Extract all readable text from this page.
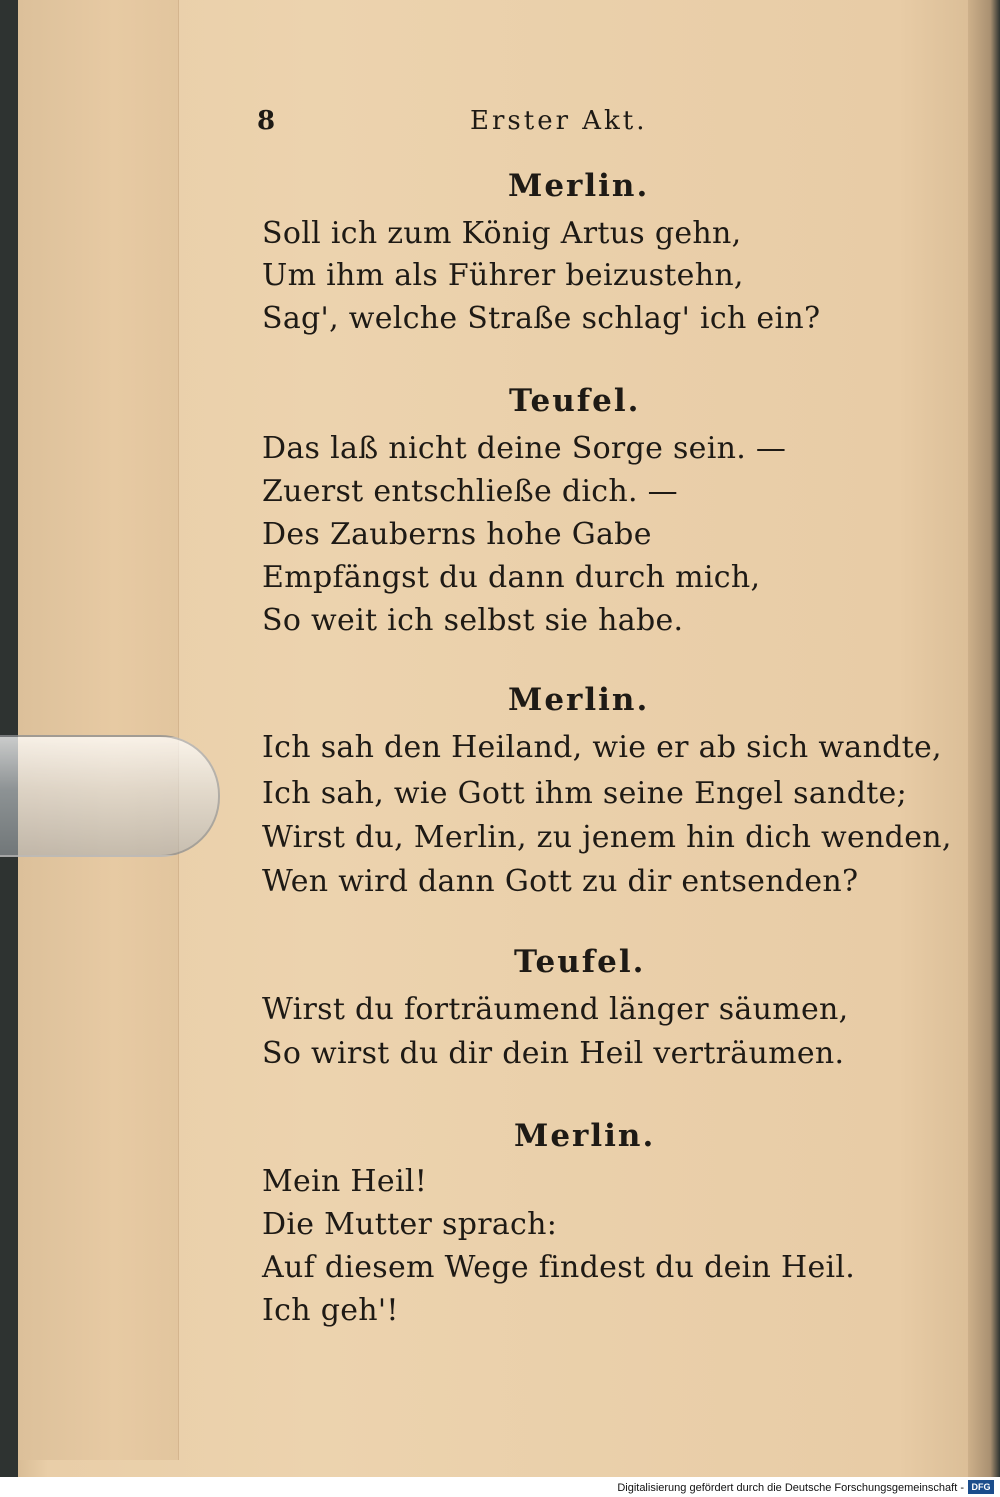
8	Erster Akt.
Merlin.
Soll ich zum König Artus gehn,
Um ihm als Führer beizustehn,
Sag', welche Straße schlag' ich ein?
Teufel.
Das laß nicht deine Sorge sein. —
Zuerst entschließe dich. —
Des Zauberns hohe Gabe
Empfängst du dann durch mich,
So weit ich selbst sie habe.
Merlin.
Ich sah den Heiland, wie er ab sich wandte,
Ich sah, wie Gott ihm seine Engel sandte;
Wirst du, Merlin, zu jenem hin dich wenden,
Wen wird dann Gott zu dir entsenden?
Teufel.
Wirst du forträumend länger säumen,
So wirst du dir dein Heil verträumen.
Merlin.
Mein Heil!
Die Mutter sprach:
Auf diesem Wege findest du dein Heil.
Ich geh'!
Digitalisierung gefördert durch die Deutsche Forschungsgemeinschaft - DFG
